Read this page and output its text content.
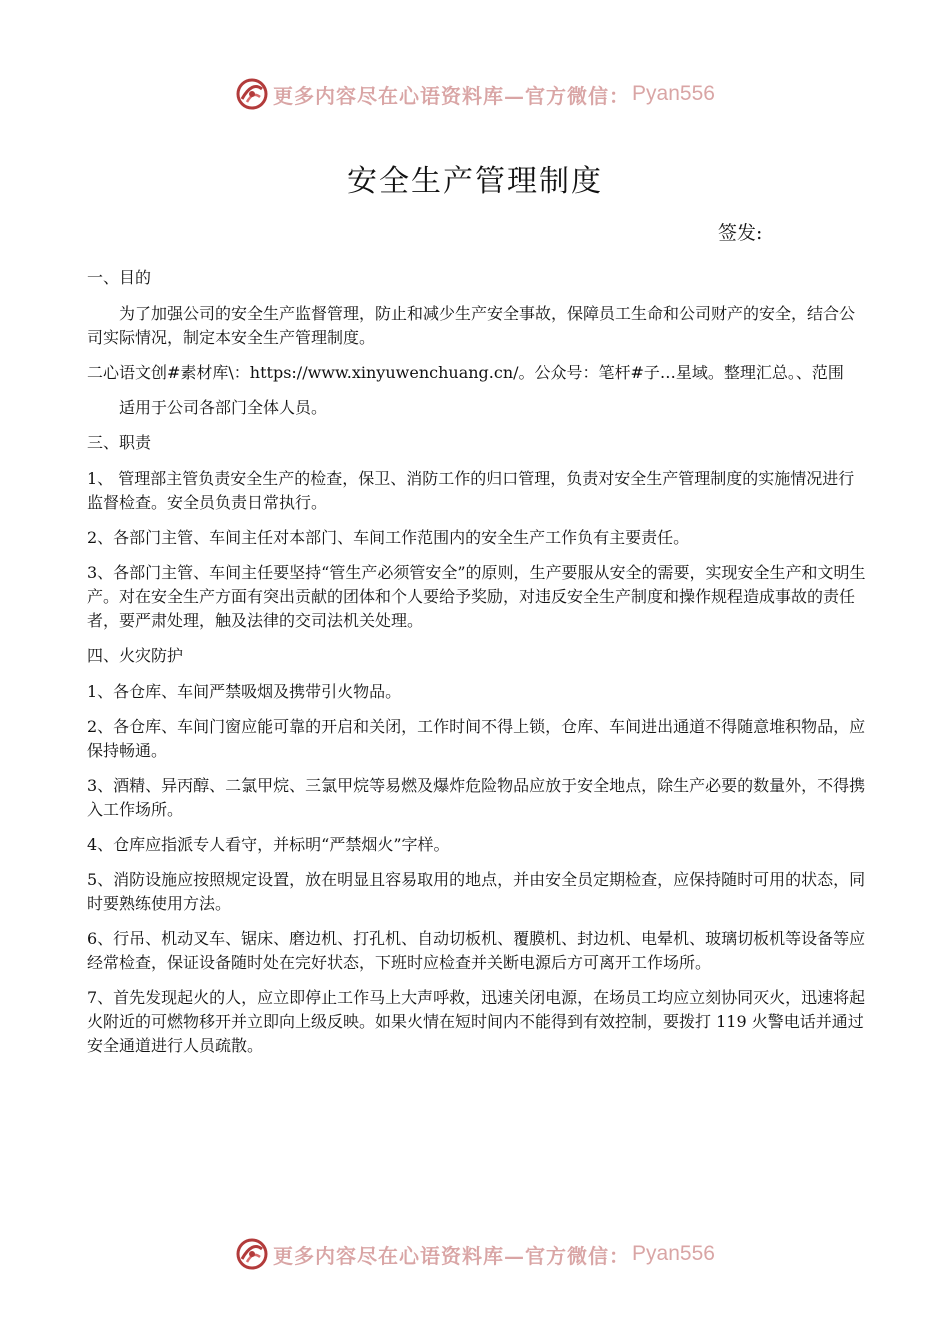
更多内容尽在心语资料库—官方微信： Pyan556
安全生产管理制度
签发:

一、目的

为了加强公司的安全生产监督管理，防止和减少生产安全事故，保障员工生命和公司财产的安全，结合公司实际情况，制定本安全生产管理制度。

二心语文创#素材库\：https://www.xinyuwenchuang.cn/。公众号：笔杆#子…星域。整理汇总。、范围

适用于公司各部门全体人员。

三、职责

1、 管理部主管负责安全生产的检查，保卫、消防工作的归口管理，负责对安全生产管理制度的实施情况进行监督检查。安全员负责日常执行。

2、各部门主管、车间主任对本部门、车间工作范围内的安全生产工作负有主要责任。

3、各部门主管、车间主任要坚持“管生产必须管安全”的原则，生产要服从安全的需要，实现安全生产和文明生产。对在安全生产方面有突出贡献的团体和个人要给予奖励，对违反安全生产制度和操作规程造成事故的责任者，要严肃处理，触及法律的交司法机关处理。

四、火灾防护

1、各仓库、车间严禁吸烟及携带引火物品。

2、各仓库、车间门窗应能可靠的开启和关闭，工作时间不得上锁，仓库、车间进出通道不得随意堆积物品，应保持畅通。

3、酒精、异丙醇、二氯甲烷、三氯甲烷等易燃及爆炸危险物品应放于安全地点，除生产必要的数量外，不得携入工作场所。

4、仓库应指派专人看守，并标明“严禁烟火”字样。

5、消防设施应按照规定设置，放在明显且容易取用的地点，并由安全员定期检查，应保持随时可用的状态，同时要熟练使用方法。

6、行吊、机动叉车、锯床、磨边机、打孔机、自动切板机、覆膜机、封边机、电晕机、玻璃切板机等设备等应经常检查，保证设备随时处在完好状态，下班时应检查并关断电源后方可离开工作场所。

7、首先发现起火的人，应立即停止工作马上大声呼救，迅速关闭电源，在场员工均应立刻协同灭火，迅速将起火附近的可燃物移开并立即向上级反映。如果火情在短时间内不能得到有效控制，要拨打 119 火警电话并通过安全通道进行人员疏散。

更多内容尽在心语资料库—官方微信： Pyan556
